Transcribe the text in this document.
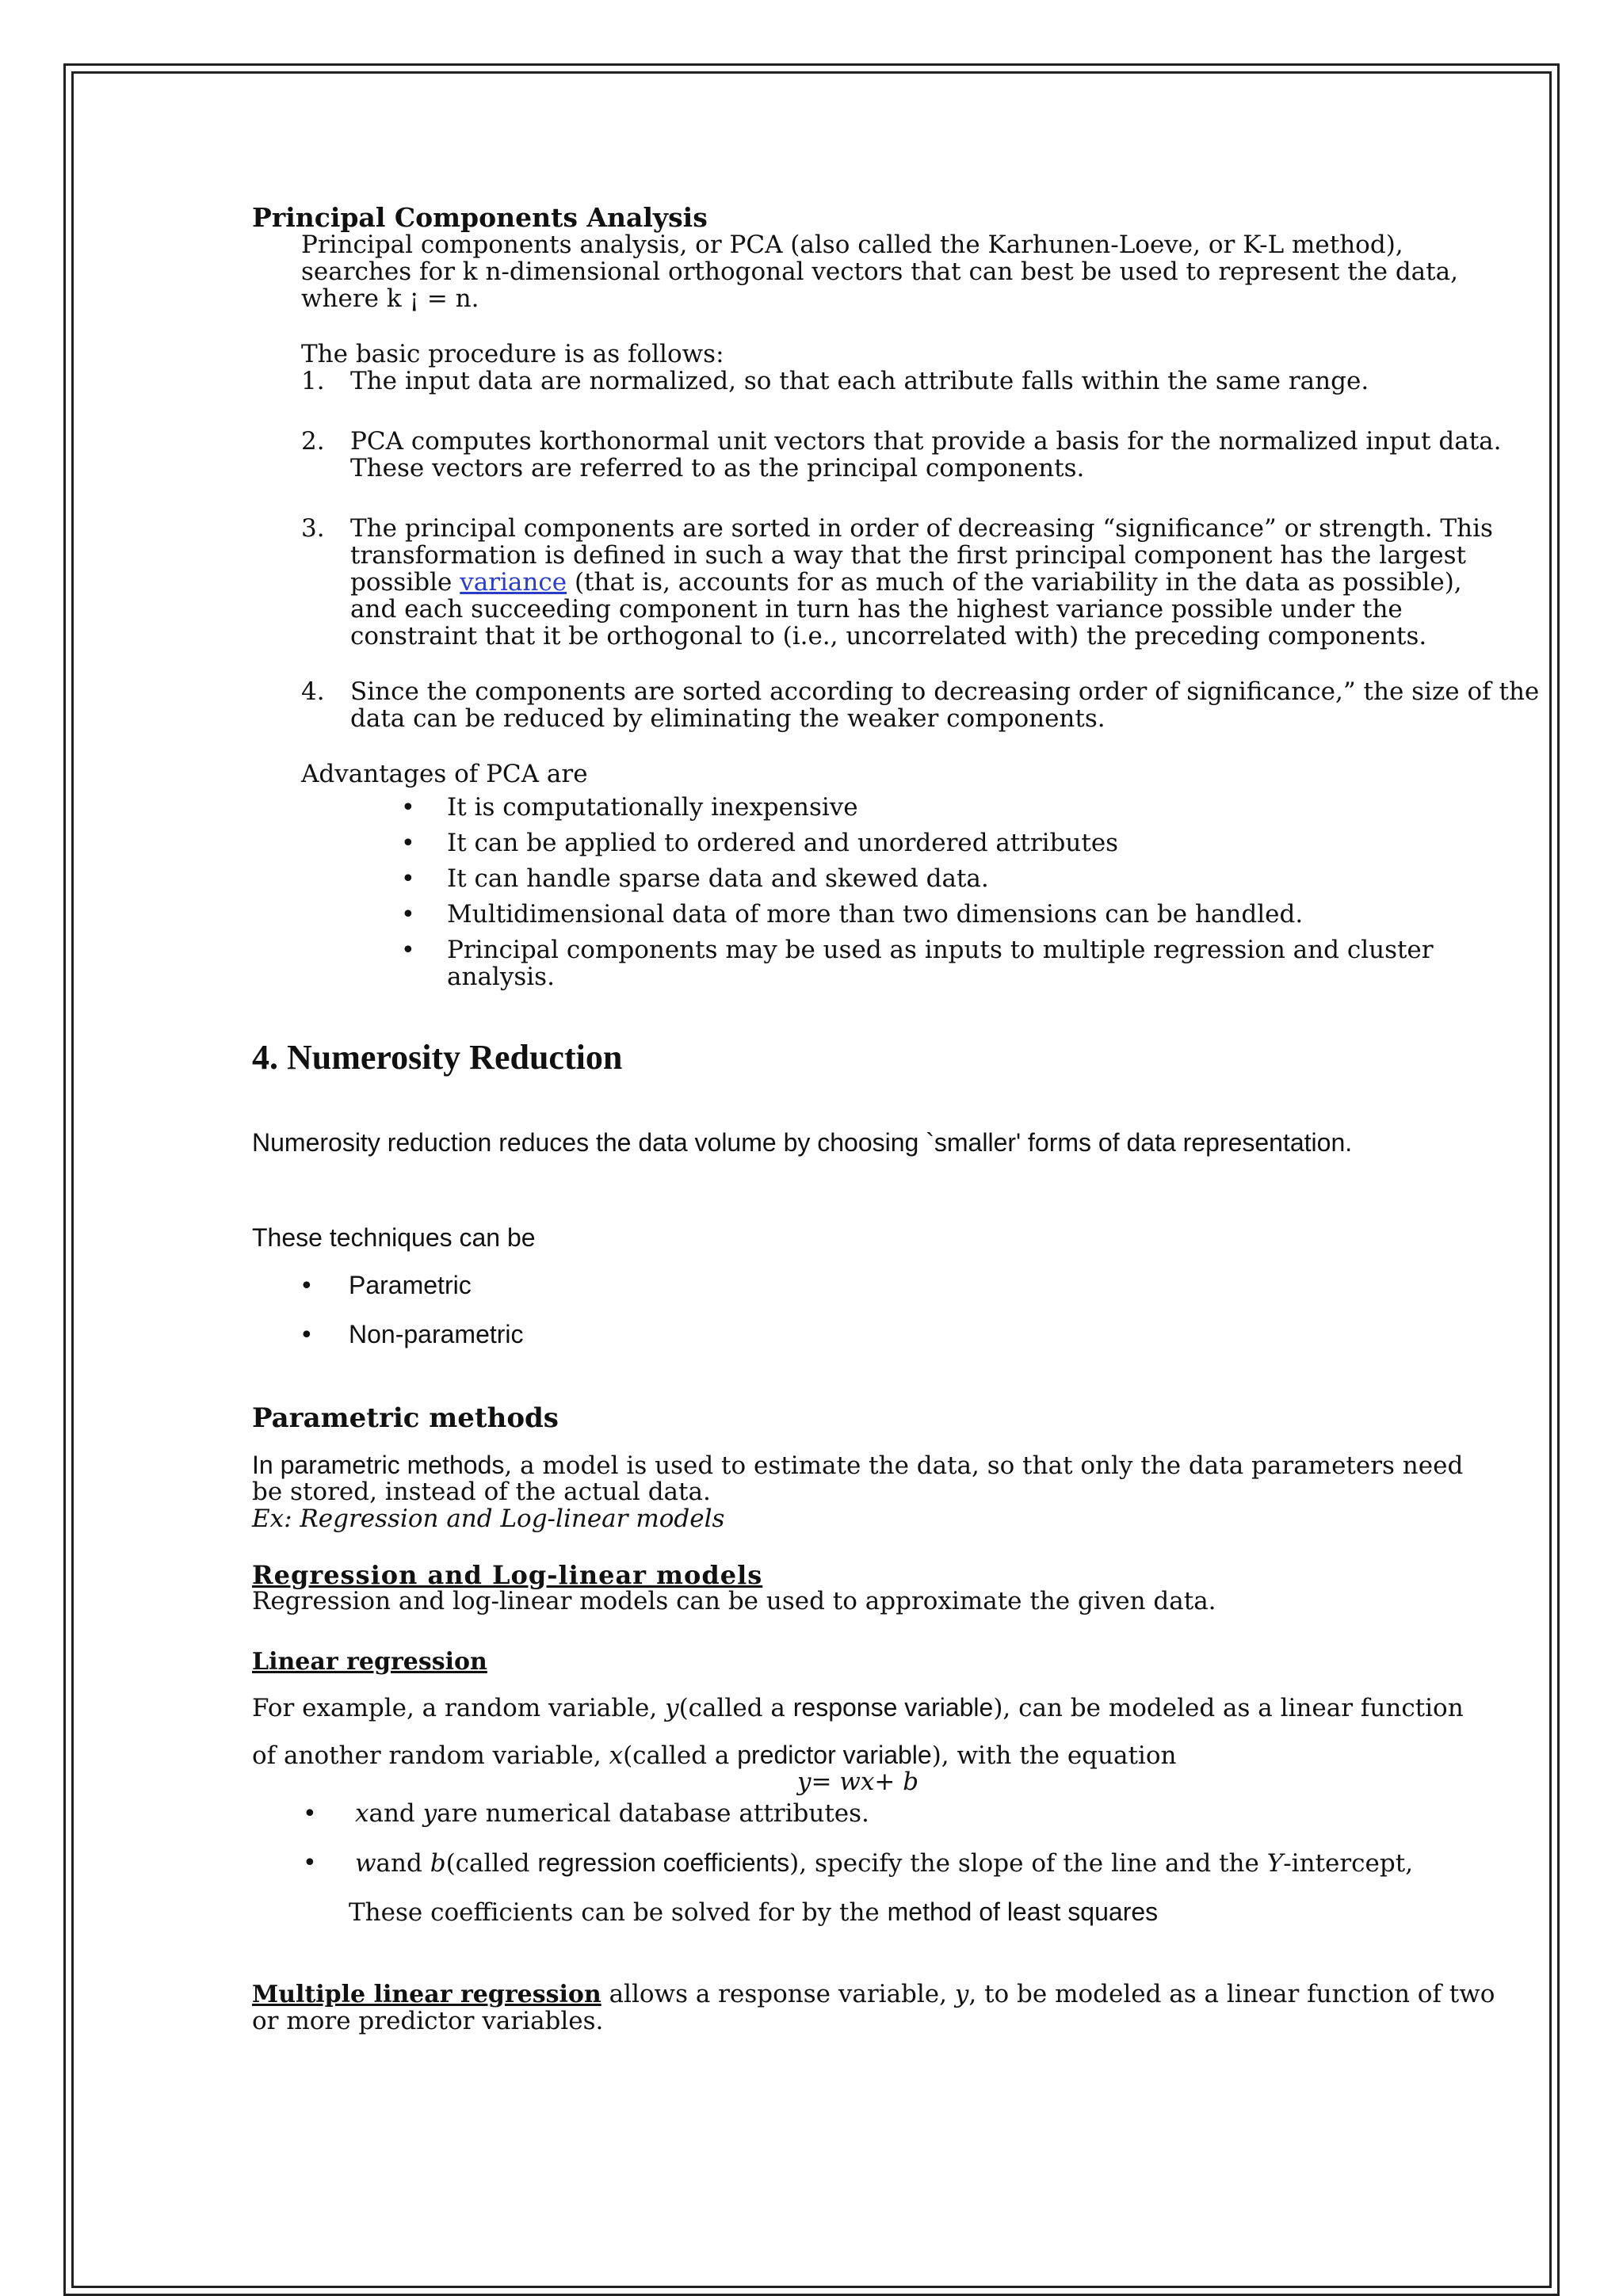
Principal Components Analysis
Principal components analysis, or PCA (also called the Karhunen-Loeve, or K-L method),
searches for k n-dimensional orthogonal vectors that can best be used to represent the data,
where k ¡ = n.
The basic procedure is as follows:
1. The input data are normalized, so that each attribute falls within the same range.
2. PCA computes korthonormal unit vectors that provide a basis for the normalized input data.
These vectors are referred to as the principal components.
3. The principal components are sorted in order of decreasing “significance” or strength. This
transformation is defined in such a way that the first principal component has the largest
possible variance (that is, accounts for as much of the variability in the data as possible),
and each succeeding component in turn has the highest variance possible under the
constraint that it be orthogonal to (i.e., uncorrelated with) the preceding components.
4. Since the components are sorted according to decreasing order of significance,” the size of the
data can be reduced by eliminating the weaker components.
Advantages of PCA are
• It is computationally inexpensive
• It can be applied to ordered and unordered attributes
• It can handle sparse data and skewed data.
• Multidimensional data of more than two dimensions can be handled.
• Principal components may be used as inputs to multiple regression and cluster
analysis.
4. Numerosity Reduction
Numerosity reduction reduces the data volume by choosing `smaller' forms of data representation.
These techniques can be
• Parametric
• Non-parametric
Parametric methods
In parametric methods, a model is used to estimate the data, so that only the data parameters need
be stored, instead of the actual data.
Ex: Regression and Log-linear models
Regression and Log-linear models
Regression and log-linear models can be used to approximate the given data.
Linear regression
For example, a random variable, y(called a response variable), can be modeled as a linear function
of another random variable, x(called a predictor variable), with the equation
y= wx+ b
• xand yare numerical database attributes.
• wand b(called regression coefficients), specify the slope of the line and the Y-intercept,
These coefficients can be solved for by the method of least squares
Multiple linear regression allows a response variable, y, to be modeled as a linear function of two
or more predictor variables.
